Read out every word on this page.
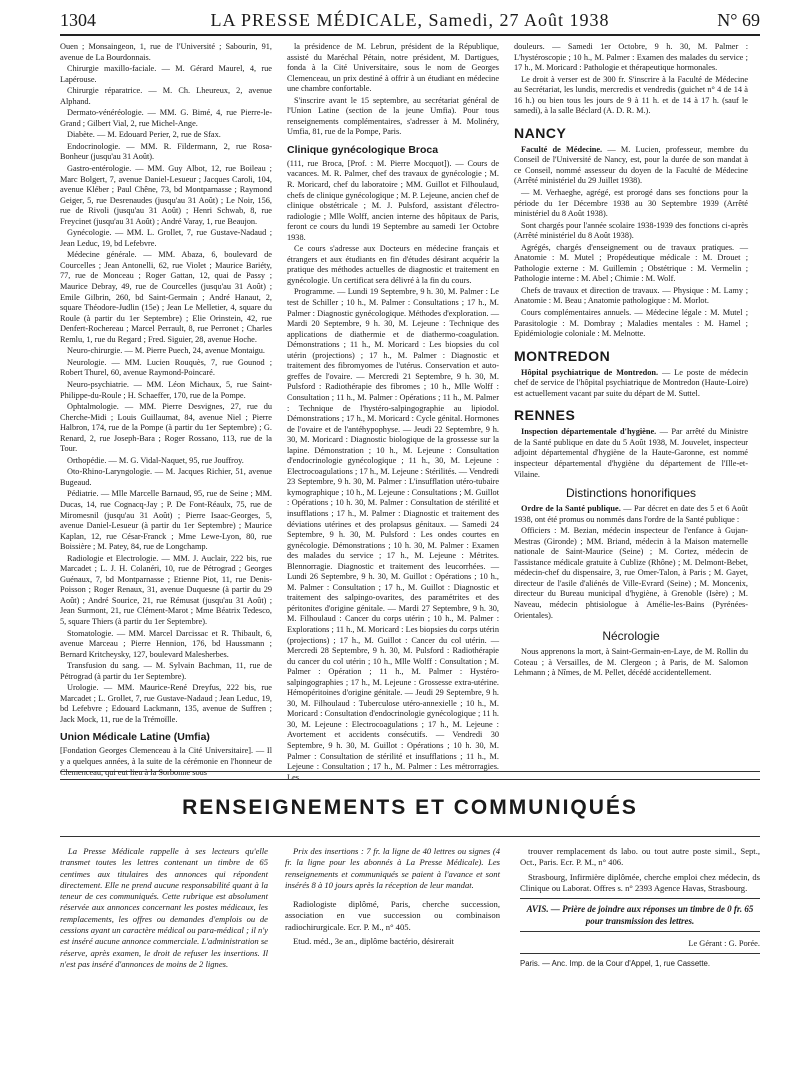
1304	LA PRESSE MÉDICALE, Samedi, 27 Août 1938	N° 69

Ouen ; Monsaingeon, 1, rue de l'Université ; Sabourin, 91, avenue de La Bourdonnais.

Chirurgie maxillo-faciale. — M. Gérard Maurel, 4, rue Lapérouse.

Chirurgie réparatrice. — M. Ch. Lheureux, 2, avenue Alphand.

Dermato-vénéréologie. — MM. G. Bimé, 4, rue Pierre-le-Grand ; Gilbert Vial, 2, rue Michel-Ange.

Diabète. — M. Edouard Perier, 2, rue de Sfax.

Endocrinologie. — MM. R. Fildermann, 2, rue Rosa-Bonheur (jusqu'au 31 Août).

Gastro-entérologie. — MM. Guy Albot, 12, rue Boileau ; Marc Bolgert, 7, avenue Daniel-Lesueur ; Jacques Caroli, 104, avenue Kléber ; Paul Chêne, 73, bd Montparnasse ; Raymond Geiger, 5, rue Desrenaudes (jusqu'au 31 Août) ; Le Noir, 156, rue de Rivoli (jusqu'au 31 Août) ; Henri Schwab, 8, rue Freycinet (jusqu'au 31 Août) ; André Varay, 1, rue Beaujon.

Gynécologie. — MM. L. Grollet, 7, rue Gustave-Nadaud ; Jean Leduc, 19, bd Lefebvre.

Médecine générale. — MM. Abaza, 6, boulevard de Courcelles ; Jean Antonelli, 62, rue Violet ; Maurice Bariéty, 77, rue de Monceau ; Roger Gattan, 12, quai de Passy ; Maurice Debray, 49, rue de Courcelles (jusqu'au 31 Août) ; Emile Gilbrin, 260, bd Saint-Germain ; André Hanaut, 2, square Théodore-Judlin (15e) ; Jean Le Melletier, 4, square du Roule (à partir du 1er Septembre) ; Elie Orinstein, 42, rue Denfert-Rochereau ; Marcel Perrault, 8, rue Perronet ; Charles Remlu, 1, rue du Regard ; Fred. Siguier, 28, avenue Hoche.

Neuro-chirurgie. — M. Pierre Puech, 24, avenue Montaigu.

Neurologie. — MM. Lucien Rouquès, 7, rue Gounod ; Robert Thurel, 60, avenue Raymond-Poincaré.

Neuro-psychiatrie. — MM. Léon Michaux, 5, rue Saint-Philippe-du-Roule ; H. Schaeffer, 170, rue de la Pompe.

Ophtalmologie. — MM. Pierre Desvignes, 27, rue du Cherche-Midi ; Louis Guillaumat, 84, avenue Niel ; Pierre Halbron, 174, rue de la Pompe (à partir du 1er Septembre) ; G. Renard, 2, rue Joseph-Bara ; Roger Rossano, 113, rue de la Tour.

Orthopédie. — M. G. Vidal-Naquet, 95, rue Jouffroy.

Oto-Rhino-Laryngologie. — M. Jacques Richier, 51, avenue Bugeaud.

Pédiatrie. — Mlle Marcelle Barnaud, 95, rue de Seine ; MM. Ducas, 14, rue Cognacq-Jay ; P. De Font-Réaulx, 75, rue de Miromesnil (jusqu'au 31 Août) ; Pierre Isaac-Georges, 5, avenue Daniel-Lesueur (à partir du 1er Septembre) ; Maurice Kaplan, 12, rue César-Franck ; Mme Lewe-Lyon, 80, rue Boissière ; M. Patey, 84, rue de Longchamp.

Radiologie et Electrologie. — MM. J. Auclair, 222 bis, rue Marcadet ; L. J. H. Colanéri, 10, rue de Pétrograd ; Georges Guénaux, 7, bd Montparnasse ; Etienne Piot, 11, rue Denis-Poisson ; Roger Renaux, 31, avenue Duquesne (à partir du 29 Août) ; André Sourice, 21, rue Rémusat (jusqu'au 31 Août) ; Jean Surmont, 21, rue Clément-Marot ; Mme Béatrix Tedesco, 5, square Thiers (à partir du 1er Septembre).

Stomatologie. — MM. Marcel Darcissac et R. Thibault, 6, avenue Marceau ; Pierre Hennion, 176, bd Haussmann ; Bernard Kritcheysky, 127, boulevard Malesherbes.

Transfusion du sang. — M. Sylvain Bachman, 11, rue de Pétrograd (à partir du 1er Septembre).

Urologie. — MM. Maurice-René Dreyfus, 222 bis, rue Marcadet ; L. Grollet, 7, rue Gustave-Nadaud ; Jean Leduc, 19, bd Lefebvre ; Edouard Lackmann, 135, avenue de Suffren ; Jack Mock, 11, rue de la Trémoïlle.

Union Médicale Latine (Umfia)

[Fondation Georges Clemenceau à la Cité Universitaire]. — Il y a quelques années, à la suite de la cérémonie en l'honneur de Clemenceau, qui eut lieu à la Sorbonne sous

la présidence de M. Lebrun, président de la République, assisté du Maréchal Pétain, notre président, M. Dartigues, fonda à la Cité Universitaire, sous le nom de Georges Clemenceau, un prix destiné à offrir à un étudiant en médecine une chambre confortable.

S'inscrire avant le 15 septembre, au secrétariat général de l'Union Latine (section de la jeune Umfia). Pour tous renseignements complémentaires, s'adresser à M. Molinéry, Umfia, 81, rue de la Pompe, Paris.

Clinique gynécologique Broca

(111, rue Broca, [Prof. : M. Pierre Mocquot]). — Cours de vacances. M. R. Palmer, chef des travaux de gynécologie ; M. R. Moricard, chef du laboratoire ; MM. Guillot et Filhoulaud, chefs de clinique gynécologique ; M. P. Lejeune, ancien chef de clinique obstétricale ; M. J. Pulsford, assistant d'électro-radiologie ; Mlle Wolff, ancien interne des hôpitaux de Paris, feront ce cours du lundi 19 Septembre au samedi 1er Octobre 1938.

Ce cours s'adresse aux Docteurs en médecine français et étrangers et aux étudiants en fin d'études désirant acquérir la pratique des méthodes actuelles de diagnostic et traitement en gynécologie. Un certificat sera délivré à la fin du cours.

Programme. — Lundi 19 Septembre, 9 h. 30, M. Palmer : Le test de Schiller ; 10 h., M. Palmer : Consultations ; 17 h., M. Palmer : Diagnostic gynécologique. Méthodes d'exploration. — Mardi 20 Septembre, 9 h. 30, M. Lejeune : Technique des applications de diathermie et de diathermo-coagulation. Démonstrations ; 11 h., M. Moricard : Les biopsies du col utérin (projections) ; 17 h., M. Palmer : Diagnostic et traitement des fibromyomes de l'utérus. Conservation et auto-greffes de l'ovaire. — Mercredi 21 Septembre, 9 h. 30, M. Pulsford : Radiothérapie des fibromes ; 10 h., Mlle Wolff : Consultation ; 11 h., M. Palmer : Opérations ; 11 h., M. Palmer : Technique de l'hystéro-salpingographie au lipiodol. Démonstrations ; 17 h., M. Moricard : Cycle génital. Hormones de l'ovaire et de l'antéhypophyse. — Jeudi 22 Septembre, 9 h. 30, M. Moricard : Diagnostic biologique de la grossesse sur la lapine. Démonstration ; 10 h., M. Lejeune : Consultation d'endocrinologie gynécologique ; 11 h., 30, M. Lejeune : Electrocoagulations ; 17 h., M. Lejeune : Stérilités. — Vendredi 23 Septembre, 9 h. 30, M. Palmer : L'insufflation utéro-tubaire kymographique ; 10 h., M. Lejeune : Consultations ; M. Guillot : Opérations ; 10 h. 30, M. Palmer : Consultation de stérilité et insufflations ; 17 h., M. Palmer : Diagnostic et traitement des déviations utérines et des prolapsus génitaux. — Samedi 24 Septembre, 9 h. 30, M. Pulsford : Les ondes courtes en gynécologie. Démonstrations ; 10 h. 30, M. Palmer : Examen des malades du service ; 17 h., M. Lejeune : Métrites. Blennorragie. Diagnostic et traitement des leucorrhées. — Lundi 26 Septembre, 9 h. 30, M. Guillot : Opérations ; 10 h., M. Palmer : Consultation ; 17 h., M. Guillot : Diagnostic et traitement des salpingo-ovarites, des paramétrites et des péritonites d'origine génitale. — Mardi 27 Septembre, 9 h. 30, M. Filhoulaud : Cancer du corps utérin ; 10 h., M. Palmer : Explorations ; 11 h., M. Moricard : Les biopsies du corps utérin (projections) ; 17 h., M. Guillot : Cancer du col utérin. — Mercredi 28 Septembre, 9 h. 30, M. Pulsford : Radiothérapie du cancer du col utérin ; 10 h., Mlle Wolff : Consultation ; M. Palmer : Opération ; 11 h., M. Palmer : Hystéro-salpingographies ; 17 h., M. Lejeune : Grossesse extra-utérine. Hémopéritoines d'origine génitale. — Jeudi 29 Septembre, 9 h. 30, M. Filhoulaud : Tuberculose utéro-annexielle ; 10 h., M. Moricard : Consultation d'endocrinologie gynécologique ; 11 h. 30, M. Lejeune : Electrocoagulations ; 17 h., M. Lejeune : Avortement et accidents consécutifs. — Vendredi 30 Septembre, 9 h. 30, M. Guillot : Opérations ; 10 h. 30, M. Palmer : Consultation de stérilité et insufflations ; 11 h., M. Lejeune : Consultation ; 17 h., M. Palmer : Les métrorragies. Les

douleurs. — Samedi 1er Octobre, 9 h. 30, M. Palmer : L'hystéroscopie ; 10 h., M. Palmer : Examen des malades du service ; 17 h., M. Moricard : Pathologie et thérapeutique hormonales.

Le droit à verser est de 300 fr. S'inscrire à la Faculté de Médecine au Secrétariat, les lundis, mercredis et vendredis (guichet n° 4 de 14 à 16 h.) ou bien tous les jours de 9 à 11 h. et de 14 à 17 h. (sauf le samedi), à la salle Béclard (A. D. R. M.).

NANCY

Faculté de Médecine. — M. Lucien, professeur, membre du Conseil de l'Université de Nancy, est, pour la durée de son mandat à ce Conseil, nommé assesseur du doyen de la Faculté de Médecine (Arrêté ministériel du 29 Juillet 1938).

— M. Verhaeghe, agrégé, est prorogé dans ses fonctions pour la période du 1er Décembre 1938 au 30 Septembre 1939 (Arrêté ministériel du 8 Août 1938).

Sont chargés pour l'année scolaire 1938-1939 des fonctions ci-après (Arrêté ministériel du 8 Août 1938).

Agrégés, chargés d'enseignement ou de travaux pratiques. — Anatomie : M. Mutel ; Propédeutique médicale : M. Drouet ; Pathologie externe : M. Guillemin ; Obstétrique : M. Vermelin ; Pathologie interne : M. Abel ; Chimie : M. Wolf.

Chefs de travaux et direction de travaux. — Physique : M. Lamy ; Anatomie : M. Beau ; Anatomie pathologique : M. Morlot.

Cours complémentaires annuels. — Médecine légale : M. Mutel ; Parasitologie : M. Dombray ; Maladies mentales : M. Hamel ; Epidémiologie coloniale : M. Melnotte.

MONTREDON

Hôpital psychiatrique de Montredon. — Le poste de médecin chef de service de l'hôpital psychiatrique de Montredon (Haute-Loire) est actuellement vacant par suite du départ de M. Suttel.

RENNES

Inspection départementale d'hygiène. — Par arrêté du Ministre de la Santé publique en date du 5 Août 1938, M. Jouvelet, inspecteur adjoint départemental d'hygiène de la Haute-Garonne, est nommé inspecteur départemental d'hygiène du département de l'Ille-et-Vilaine.

Distinctions honorifiques

Ordre de la Santé publique. — Par décret en date des 5 et 6 Août 1938, ont été promus ou nommés dans l'ordre de la Santé publique :

Officiers : M. Bezian, médecin inspecteur de l'enfance à Gujan-Mestras (Gironde) ; MM. Briand, médecin à la Maison maternelle nationale de Saint-Maurice (Seine) ; M. Cortez, médecin de l'assistance médicale gratuite à Cublize (Rhône) ; M. Delmont-Bebet, médecin-chef du dispensaire, 3, rue Omer-Talon, à Paris ; M. Gayet, directeur de l'asile d'aliénés de Ville-Evrard (Seine) ; M. Moncenix, directeur du Bureau municipal d'hygiène, à Grenoble (Isère) ; M. Naveau, médecin phtisiologue à Amélie-les-Bains (Pyrénées-Orientales).

Nécrologie

Nous apprenons la mort, à Saint-Germain-en-Laye, de M. Rollin du Coteau ; à Versailles, de M. Clergeon ; à Paris, de M. Salomon Lehmann ; à Nîmes, de M. Pellet, décédé accidentellement.

RENSEIGNEMENTS ET COMMUNIQUÉS

La Presse Médicale rappelle à ses lecteurs qu'elle transmet toutes les lettres contenant un timbre de 65 centimes aux titulaires des annonces qui répondent directement. Elle ne prend aucune responsabilité quant à la teneur de ces communiqués. Cette rubrique est absolument réservée aux annonces concernant les postes médicaux, les remplacements, les offres ou demandes d'emplois ou de cessions ayant un caractère médical ou para-médical ; il n'y est inséré aucune annonce commerciale. L'administration se réserve, après examen, le droit de refuser les insertions. Il n'est pas inséré d'annonces de moins de 2 lignes.

Prix des insertions : 7 fr. la ligne de 40 lettres ou signes (4 fr. la ligne pour les abonnés à La Presse Médicale). Les renseignements et communiqués se paient à l'avance et sont insérés 8 à 10 jours après la réception de leur mandat.

Radiologiste diplômé, Paris, cherche succession, association en vue succession ou combinaison radiochirurgicale. Ecr. P. M., n° 405.

Etud. méd., 3e an., diplôme bactério, désirerait

trouver remplacement ds labo. ou tout autre poste simil., Sept., Oct., Paris. Ecr. P. M., n° 406.

Strasbourg, Infirmière diplômée, cherche emploi chez médecin, ds Clinique ou Laborat. Offres s. n° 2393 Agence Havas, Strasbourg.

AVIS. — Prière de joindre aux réponses un timbre de 0 fr. 65 pour transmission des lettres.
Le Gérant : G. Porée.
Paris. — Anc. Imp. de la Cour d'Appel, 1, rue Cassette.
